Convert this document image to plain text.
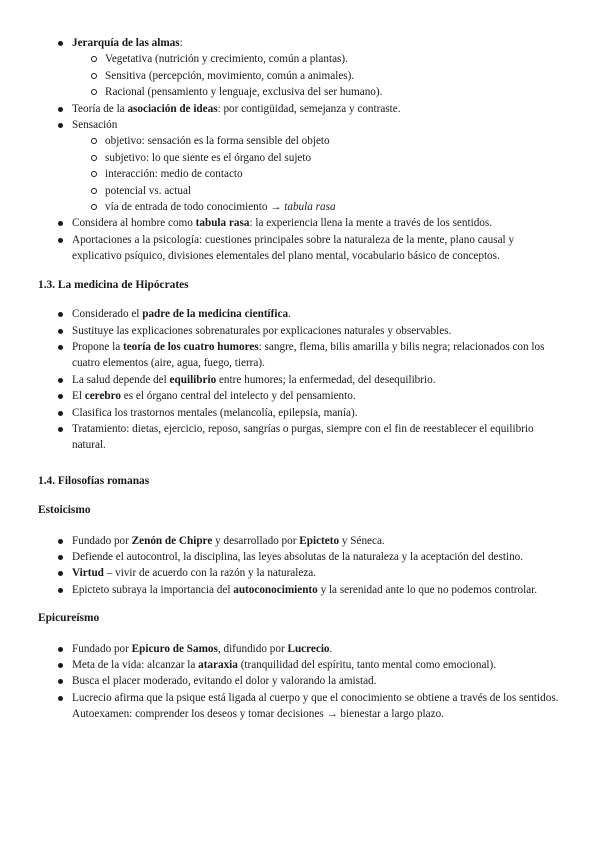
Jerarquía de las almas:
Vegetativa (nutrición y crecimiento, común a plantas).
Sensitiva (percepción, movimiento, común a animales).
Racional (pensamiento y lenguaje, exclusiva del ser humano).
Teoría de la asociación de ideas: por contigüidad, semejanza y contraste.
Sensación
objetivo: sensación es la forma sensible del objeto
subjetivo: lo que siente es el órgano del sujeto
interacción: medio de contacto
potencial vs. actual
vía de entrada de todo conocimiento → tabula rasa
Considera al hombre como tabula rasa: la experiencia llena la mente a través de los sentidos.
Aportaciones a la psicología: cuestiones principales sobre la naturaleza de la mente, plano causal y explicativo psíquico, divisiones elementales del plano mental, vocabulario básico de conceptos.
1.3. La medicina de Hipócrates
Considerado el padre de la medicina científica.
Sustituye las explicaciones sobrenaturales por explicaciones naturales y observables.
Propone la teoría de los cuatro humores: sangre, flema, bilis amarilla y bilis negra; relacionados con los cuatro elementos (aire, agua, fuego, tierra).
La salud depende del equilibrio entre humores; la enfermedad, del desequilibrio.
El cerebro es el órgano central del intelecto y del pensamiento.
Clasifica los trastornos mentales (melancolía, epilepsia, manía).
Tratamiento: dietas, ejercicio, reposo, sangrías o purgas, siempre con el fin de reestablecer el equilibrio natural.
1.4. Filosofías romanas
Estoicismo
Fundado por Zenón de Chipre y desarrollado por Epicteto y Séneca.
Defiende el autocontrol, la disciplina, las leyes absolutas de la naturaleza y la aceptación del destino.
Virtud – vivir de acuerdo con la razón y la naturaleza.
Epicteto subraya la importancia del autoconocimiento y la serenidad ante lo que no podemos controlar.
Epicureísmo
Fundado por Epicuro de Samos, difundido por Lucrecio.
Meta de la vida: alcanzar la ataraxia (tranquilidad del espíritu, tanto mental como emocional).
Busca el placer moderado, evitando el dolor y valorando la amistad.
Lucrecio afirma que la psique está ligada al cuerpo y que el conocimiento se obtiene a través de los sentidos. Autoexamen: comprender los deseos y tomar decisiones → bienestar a largo plazo.
